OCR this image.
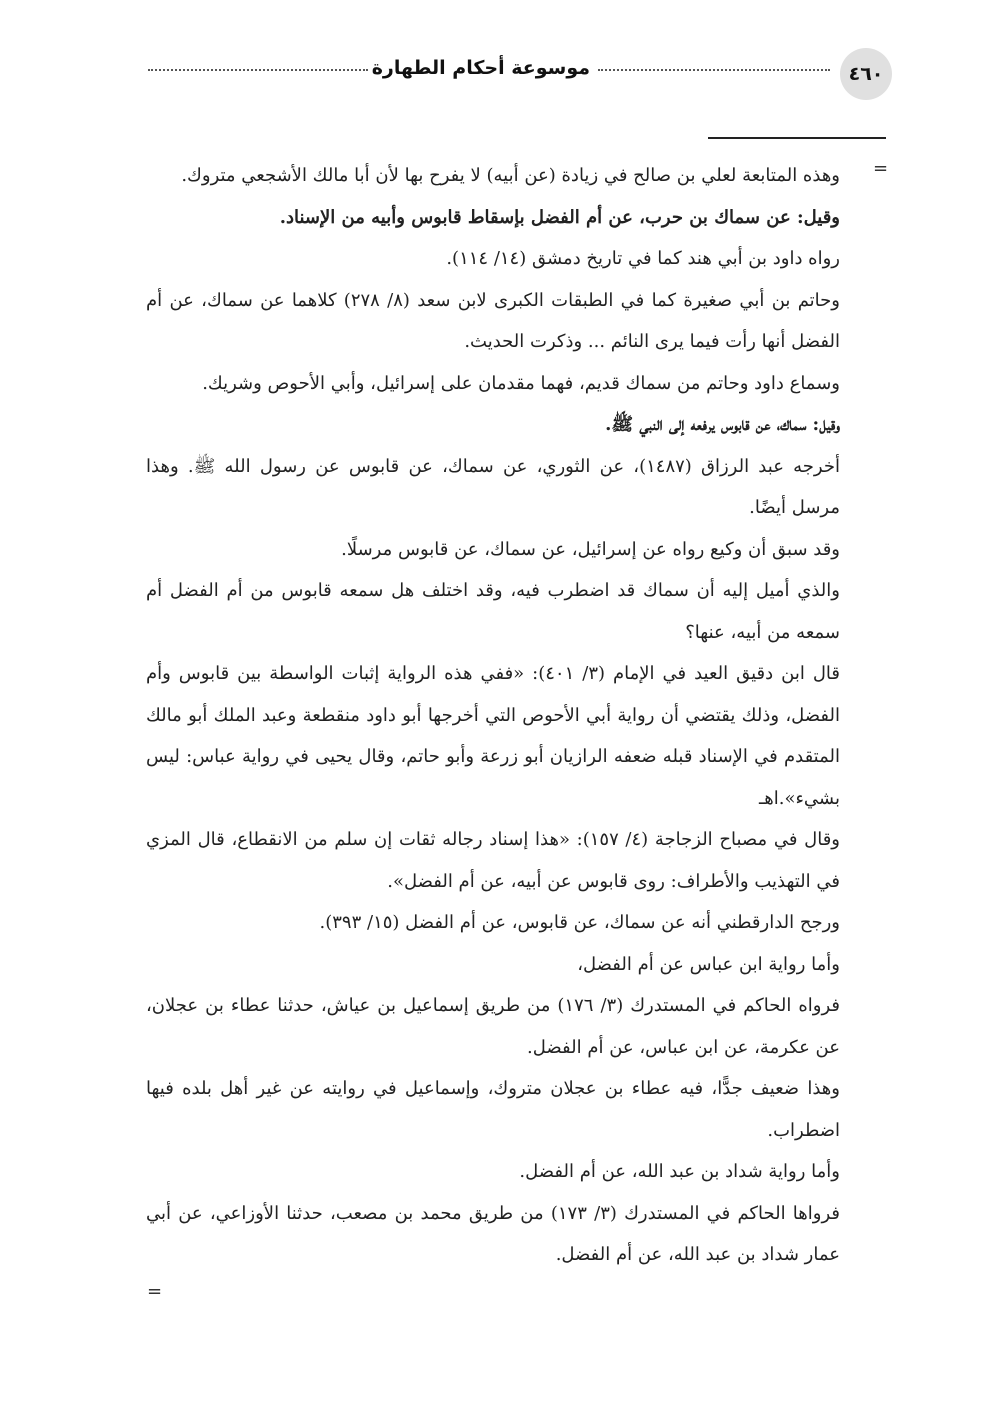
٤٦٠
موسوعة أحكام الطهارة
=

وهذه المتابعة لعلي بن صالح في زيادة (عن أبيه) لا يفرح بها لأن أبا مالك الأشجعي متروك.

وقيل: عن سماك بن حرب، عن أم الفضل بإسقاط قابوس وأبيه من الإسناد.

رواه داود بن أبي هند كما في تاريخ دمشق (١٤/ ١١٤).

وحاتم بن أبي صغيرة كما في الطبقات الكبرى لابن سعد (٨/ ٢٧٨) كلاهما عن سماك، عن أم الفضل أنها رأت فيما يرى النائم ... وذكرت الحديث.

وسماع داود وحاتم من سماك قديم، فهما مقدمان على إسرائيل، وأبي الأحوص وشريك.

وقيل: سماك، عن قابوس يرفعه إلى النبي ﷺ.

أخرجه عبد الرزاق (١٤٨٧)، عن الثوري، عن سماك، عن قابوس عن رسول الله ﷺ. وهذا مرسل أيضًا.

وقد سبق أن وكيع رواه عن إسرائيل، عن سماك، عن قابوس مرسلًا.

والذي أميل إليه أن سماك قد اضطرب فيه، وقد اختلف هل سمعه قابوس من أم الفضل أم سمعه من أبيه، عنها؟

قال ابن دقيق العيد في الإمام (٣/ ٤٠١): «ففي هذه الرواية إثبات الواسطة بين قابوس وأم الفضل، وذلك يقتضي أن رواية أبي الأحوص التي أخرجها أبو داود منقطعة وعبد الملك أبو مالك المتقدم في الإسناد قبله ضعفه الرازيان أبو زرعة وأبو حاتم، وقال يحيى في رواية عباس: ليس بشيء».اهـ

وقال في مصباح الزجاجة (٤/ ١٥٧): «هذا إسناد رجاله ثقات إن سلم من الانقطاع، قال المزي في التهذيب والأطراف: روى قابوس عن أبيه، عن أم الفضل».

ورجح الدارقطني أنه عن سماك، عن قابوس، عن أم الفضل (١٥/ ٣٩٣).

وأما رواية ابن عباس عن أم الفضل،

فرواه الحاكم في المستدرك (٣/ ١٧٦) من طريق إسماعيل بن عياش، حدثنا عطاء بن عجلان، عن عكرمة، عن ابن عباس، عن أم الفضل.

وهذا ضعيف جدًّا، فيه عطاء بن عجلان متروك، وإسماعيل في روايته عن غير أهل بلده فيها اضطراب.

وأما رواية شداد بن عبد الله، عن أم الفضل.

فرواها الحاكم في المستدرك (٣/ ١٧٣) من طريق محمد بن مصعب، حدثنا الأوزاعي، عن أبي عمار شداد بن عبد الله، عن أم الفضل.

=
